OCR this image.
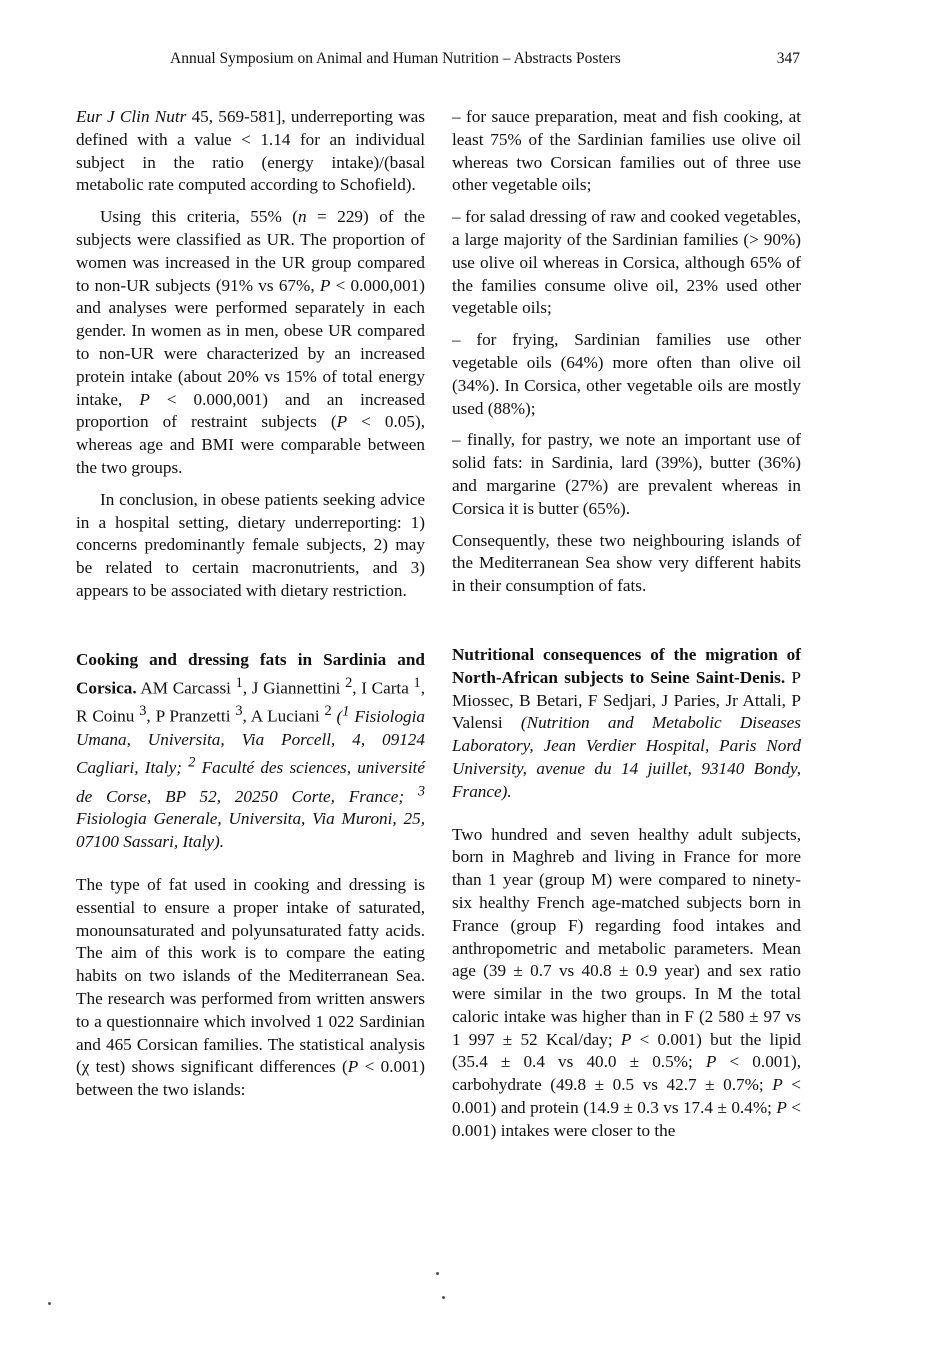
Annual Symposium on Animal and Human Nutrition – Abstracts Posters	347

Eur J Clin Nutr 45, 569-581], underreporting was defined with a value < 1.14 for an individual subject in the ratio (energy intake)/(basal metabolic rate computed according to Schofield).

Using this criteria, 55% (n = 229) of the subjects were classified as UR. The proportion of women was increased in the UR group compared to non-UR subjects (91% vs 67%, P < 0.000,001) and analyses were performed separately in each gender. In women as in men, obese UR compared to non-UR were characterized by an increased protein intake (about 20% vs 15% of total energy intake, P < 0.000,001) and an increased proportion of restraint subjects (P < 0.05), whereas age and BMI were comparable between the two groups.

In conclusion, in obese patients seeking advice in a hospital setting, dietary underreporting: 1) concerns predominantly female subjects, 2) may be related to certain macronutrients, and 3) appears to be associated with dietary restriction.

Cooking and dressing fats in Sardinia and Corsica. AM Carcassi $^1$, J Giannettini $^2$, I Carta $^1$, R Coinu $^3$, P Pranzetti $^3$, A Luciani $^2$ ($^1$ Fisiologia Umana, Universita, Via Porcell, 4, 09124 Cagliari, Italy; $^2$ Faculté des sciences, université de Corse, BP 52, 20250 Corte, France; $^3$ Fisiologia Generale, Universita, Via Muroni, 25, 07100 Sassari, Italy).

The type of fat used in cooking and dressing is essential to ensure a proper intake of saturated, monounsaturated and polyunsaturated fatty acids. The aim of this work is to compare the eating habits on two islands of the Mediterranean Sea. The research was performed from written answers to a questionnaire which involved 1 022 Sardinian and 465 Corsican families. The statistical analysis (χ test) shows significant differences (P < 0.001) between the two islands:

– for sauce preparation, meat and fish cooking, at least 75% of the Sardinian families use olive oil whereas two Corsican families out of three use other vegetable oils;

– for salad dressing of raw and cooked vegetables, a large majority of the Sardinian families (> 90%) use olive oil whereas in Corsica, although 65% of the families consume olive oil, 23% used other vegetable oils;

– for frying, Sardinian families use other vegetable oils (64%) more often than olive oil (34%). In Corsica, other vegetable oils are mostly used (88%);

– finally, for pastry, we note an important use of solid fats: in Sardinia, lard (39%), butter (36%) and margarine (27%) are prevalent whereas in Corsica it is butter (65%).

Consequently, these two neighbouring islands of the Mediterranean Sea show very different habits in their consumption of fats.

Nutritional consequences of the migration of North-African subjects to Seine Saint-Denis. P Miossec, B Betari, F Sedjari, J Paries, Jr Attali, P Valensi (Nutrition and Metabolic Diseases Laboratory, Jean Verdier Hospital, Paris Nord University, avenue du 14 juillet, 93140 Bondy, France).

Two hundred and seven healthy adult subjects, born in Maghreb and living in France for more than 1 year (group M) were compared to ninety-six healthy French age-matched subjects born in France (group F) regarding food intakes and anthropometric and metabolic parameters. Mean age (39 ± 0.7 vs 40.8 ± 0.9 year) and sex ratio were similar in the two groups. In M the total caloric intake was higher than in F (2 580 ± 97 vs 1 997 ± 52 Kcal/day; P < 0.001) but the lipid (35.4 ± 0.4 vs 40.0 ± 0.5%; P < 0.001), carbohydrate (49.8 ± 0.5 vs 42.7 ± 0.7%; P < 0.001) and protein (14.9 ± 0.3 vs 17.4 ± 0.4%; P < 0.001) intakes were closer to the
